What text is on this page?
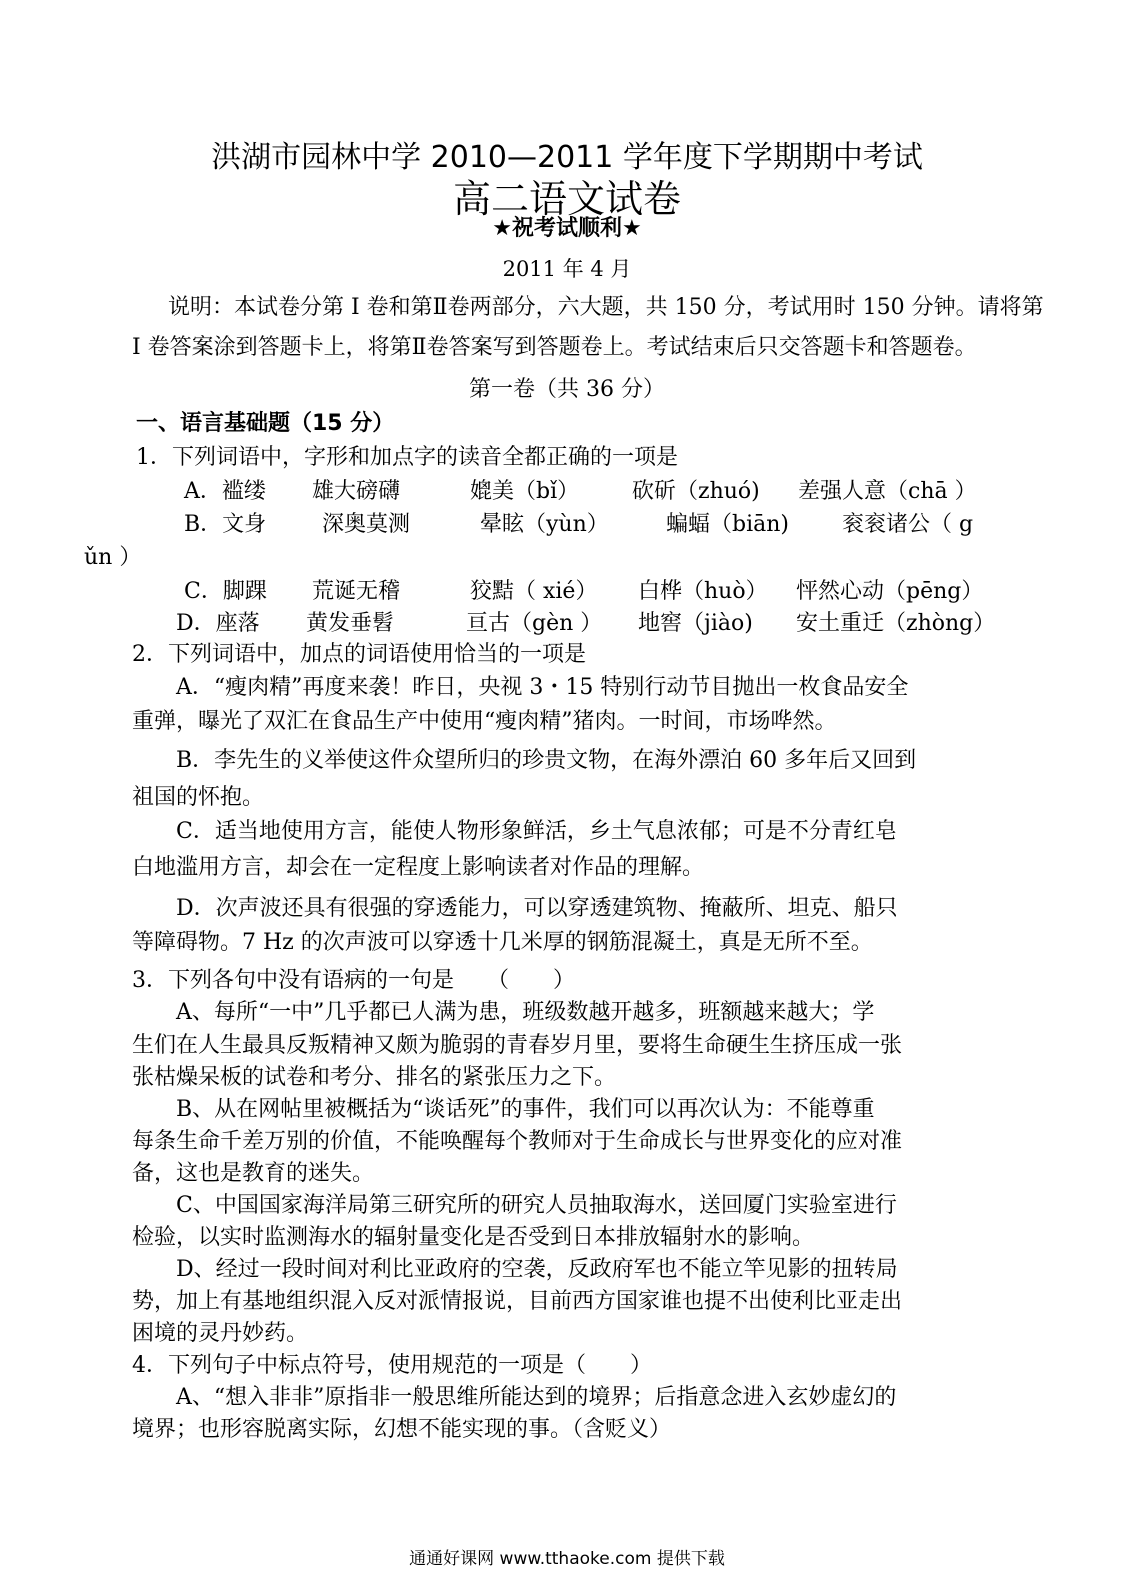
洪湖市园林中学 2010—2011 学年度下学期期中考试
高二语文试卷
★祝考试顺利★
2011 年 4 月
说明：本试卷分第 I 卷和第Ⅱ卷两部分，六大题，共 150 分，考试用时 150 分钟。请将第
I 卷答案涂到答题卡上，将第Ⅱ卷答案写到答题卷上。考试结束后只交答题卡和答题卷。
第一卷（共 36 分）
一、语言基础题（15 分）
1．下列词语中，字形和加点字的读音全都正确的一项是
A．褴缕 雄大磅礴	媲美（bǐ） 砍斫（zhuó) 差强人意（chā ）
B．文身	深奥莫测	晕眩（yùn）	蝙蝠（biān) 衮衮诸公（ g
ǔn ）
C．脚踝 荒诞无稽	狡黠（ xié） 白桦（huò） 怦然心动（pēng）
D．座落 黄发垂髫	亘古（gèn ） 地窖（jiào) 安土重迁（zhòng）
2．下列词语中，加点的词语使用恰当的一项是
A．“瘦肉精”再度来袭！昨日，央视 3・15 特别行动节目抛出一枚食品安全
重弹，曝光了双汇在食品生产中使用“瘦肉精”猪肉。一时间，市场哗然。
B．李先生的义举使这件众望所归的珍贵文物，在海外漂泊 60 多年后又回到
祖国的怀抱。
C．适当地使用方言，能使人物形象鲜活，乡土气息浓郁；可是不分青红皂
白地滥用方言，却会在一定程度上影响读者对作品的理解。
D．次声波还具有很强的穿透能力，可以穿透建筑物、掩蔽所、坦克、船只
等障碍物。7 Hz 的次声波可以穿透十几米厚的钢筋混凝土，真是无所不至。
3．下列各句中没有语病的一句是　　（　　）
A、每所“一中”几乎都已人满为患，班级数越开越多，班额越来越大；学
生们在人生最具反叛精神又颇为脆弱的青春岁月里，要将生命硬生生挤压成一张
张枯燥呆板的试卷和考分、排名的紧张压力之下。
B、从在网帖里被概括为“谈话死”的事件，我们可以再次认为：不能尊重
每条生命千差万别的价值，不能唤醒每个教师对于生命成长与世界变化的应对准
备，这也是教育的迷失。
C、中国国家海洋局第三研究所的研究人员抽取海水，送回厦门实验室进行
检验，以实时监测海水的辐射量变化是否受到日本排放辐射水的影响。
D、经过一段时间对利比亚政府的空袭，反政府军也不能立竿见影的扭转局
势，加上有基地组织混入反对派情报说，目前西方国家谁也提不出使利比亚走出
困境的灵丹妙药。
4．下列句子中标点符号，使用规范的一项是（　　）
A、“想入非非”原指非一般思维所能达到的境界；后指意念进入玄妙虚幻的
境界；也形容脱离实际，幻想不能实现的事。（含贬义）
通通好课网 www.tthaoke.com 提供下载
